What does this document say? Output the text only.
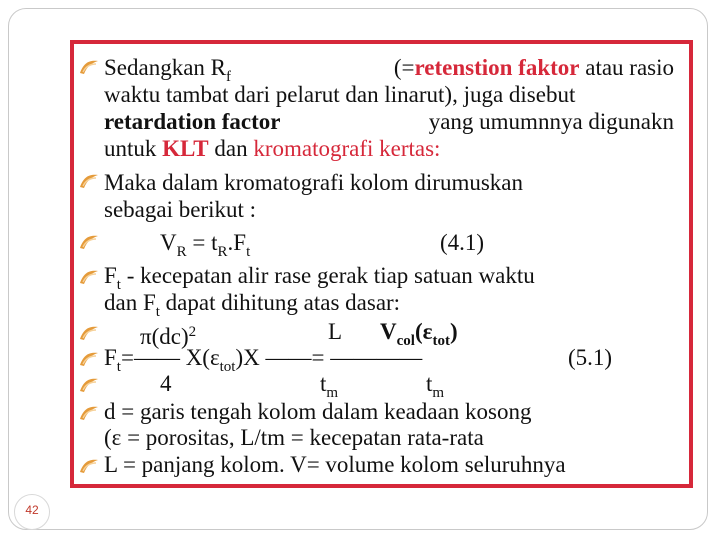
Sedangkan $R_f$	(=retenstion faktor atau rasio
waktu tambat dari pelarut dan linarut), juga disebut
retardation factor	yang umumnnya digunakn
untuk KLT dan kromatografi kertas:
Maka dalam kromatografi kolom dirumuskan
sebagai berikut :
$V_R = t_R.F_t$	(4.1)
$F_t$ - kecepatan alir rase gerak tiap satuan waktu
dan $F_t$ dapat dihitung atas dasar:
π(dc)$^2$	L $V_{col}(\varepsilon_{tot})$
$F_t=——$ $X(\varepsilon_{tot})X$ ——= ————	(5.1)
4	$t_m$	$t_m$
d = garis tengah kolom dalam keadaan kosong
(ε = porositas, L/tm = kecepatan rata-rata
L = panjang kolom. V= volume kolom seluruhnya
42
